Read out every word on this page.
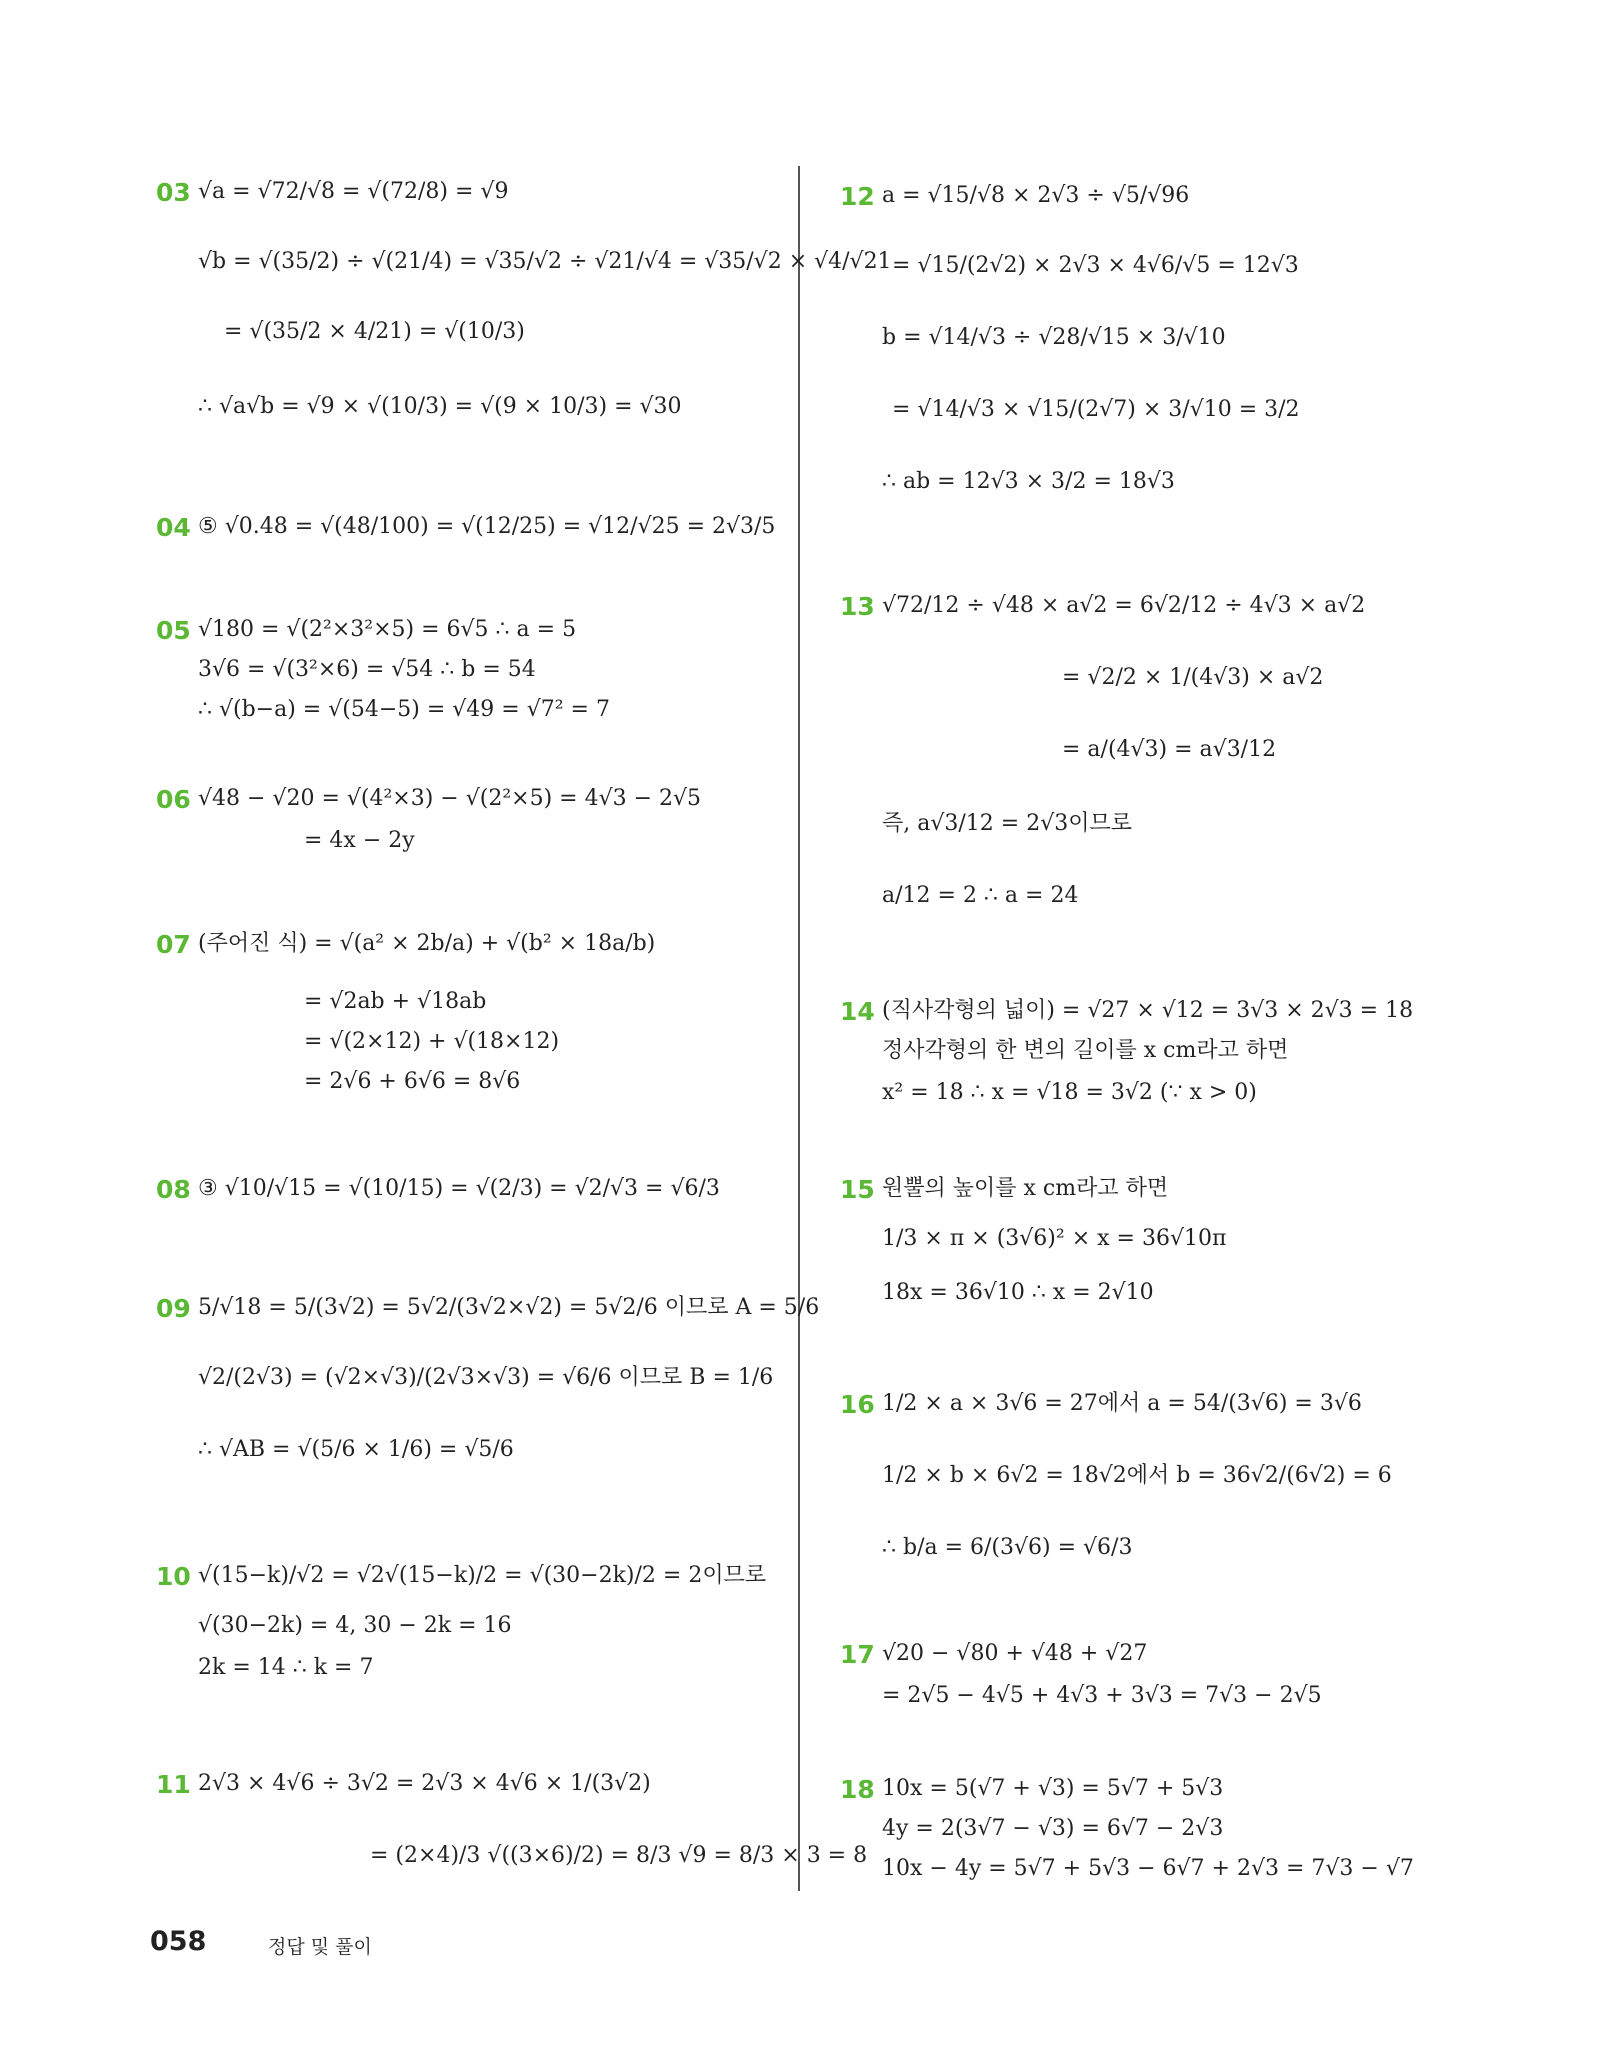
03 √a = √72/√8 = √(72/8) = √9
√b = √(35/2) ÷ √(21/4) = √35/√2 ÷ √21/√4 = √35/√2 × √4/√21
= √(35/2 × 4/21) = √(10/3)
∴ √a√b = √9 × √(10/3) = √(9 × 10/3) = √30
04 ⑤ √0.48 = √(48/100) = √(12/25) = √12/√25 = 2√3/5
05 √180 = √(2²×3²×5) = 6√5 ∴ a = 5
3√6 = √(3²×6) = √54 ∴ b = 54
∴ √(b−a) = √(54−5) = √49 = √7² = 7
06 √48 − √20 = √(4²×3) − √(2²×5) = 4√3 − 2√5
= 4x − 2y
07 (주어진 식) = √(a² × 2b/a) + √(b² × 18a/b)
= √2ab + √18ab
= √(2×12) + √(18×12)
= 2√6 + 6√6 = 8√6
08 ③ √10/√15 = √(10/15) = √(2/3) = √2/√3 = √6/3
09 5/√18 = 5/(3√2) = 5√2/(3√2×√2) = 5√2/6 이므로 A = 5/6
√2/(2√3) = (√2×√3)/(2√3×√3) = √6/6 이므로 B = 1/6
∴ √AB = √(5/6 × 1/6) = √5/6
10 √(15−k)/√2 = √2√(15−k)/2 = √(30−2k)/2 = 2이므로
√(30−2k) = 4, 30 − 2k = 16
2k = 14 ∴ k = 7
11 2√3 × 4√6 ÷ 3√2 = 2√3 × 4√6 × 1/(3√2)
= (2×4)/3 √((3×6)/2) = 8/3 √9 = 8/3 × 3 = 8
12 a = √15/√8 × 2√3 ÷ √5/√96
= √15/(2√2) × 2√3 × 4√6/√5 = 12√3
b = √14/√3 ÷ √28/√15 × 3/√10
= √14/√3 × √15/(2√7) × 3/√10 = 3/2
∴ ab = 12√3 × 3/2 = 18√3
13 √72/12 ÷ √48 × a√2 = 6√2/12 ÷ 4√3 × a√2
= √2/2 × 1/(4√3) × a√2
= a/(4√3) = a√3/12
즉, a√3/12 = 2√3이므로
a/12 = 2 ∴ a = 24
14 (직사각형의 넓이) = √27 × √12 = 3√3 × 2√3 = 18
정사각형의 한 변의 길이를 x cm라고 하면
x² = 18 ∴ x = √18 = 3√2 (∵ x > 0)
15 원뿔의 높이를 x cm라고 하면
1/3 × π × (3√6)² × x = 36√10π
18x = 36√10 ∴ x = 2√10
16 1/2 × a × 3√6 = 27에서 a = 54/(3√6) = 3√6
1/2 × b × 6√2 = 18√2에서 b = 36√2/(6√2) = 6
∴ b/a = 6/(3√6) = √6/3
17 √20 − √80 + √48 + √27
= 2√5 − 4√5 + 4√3 + 3√3 = 7√3 − 2√5
18 10x = 5(√7 + √3) = 5√7 + 5√3
4y = 2(3√7 − √3) = 6√7 − 2√3
10x − 4y = 5√7 + 5√3 − 6√7 + 2√3 = 7√3 − √7
058	정답 및 풀이
